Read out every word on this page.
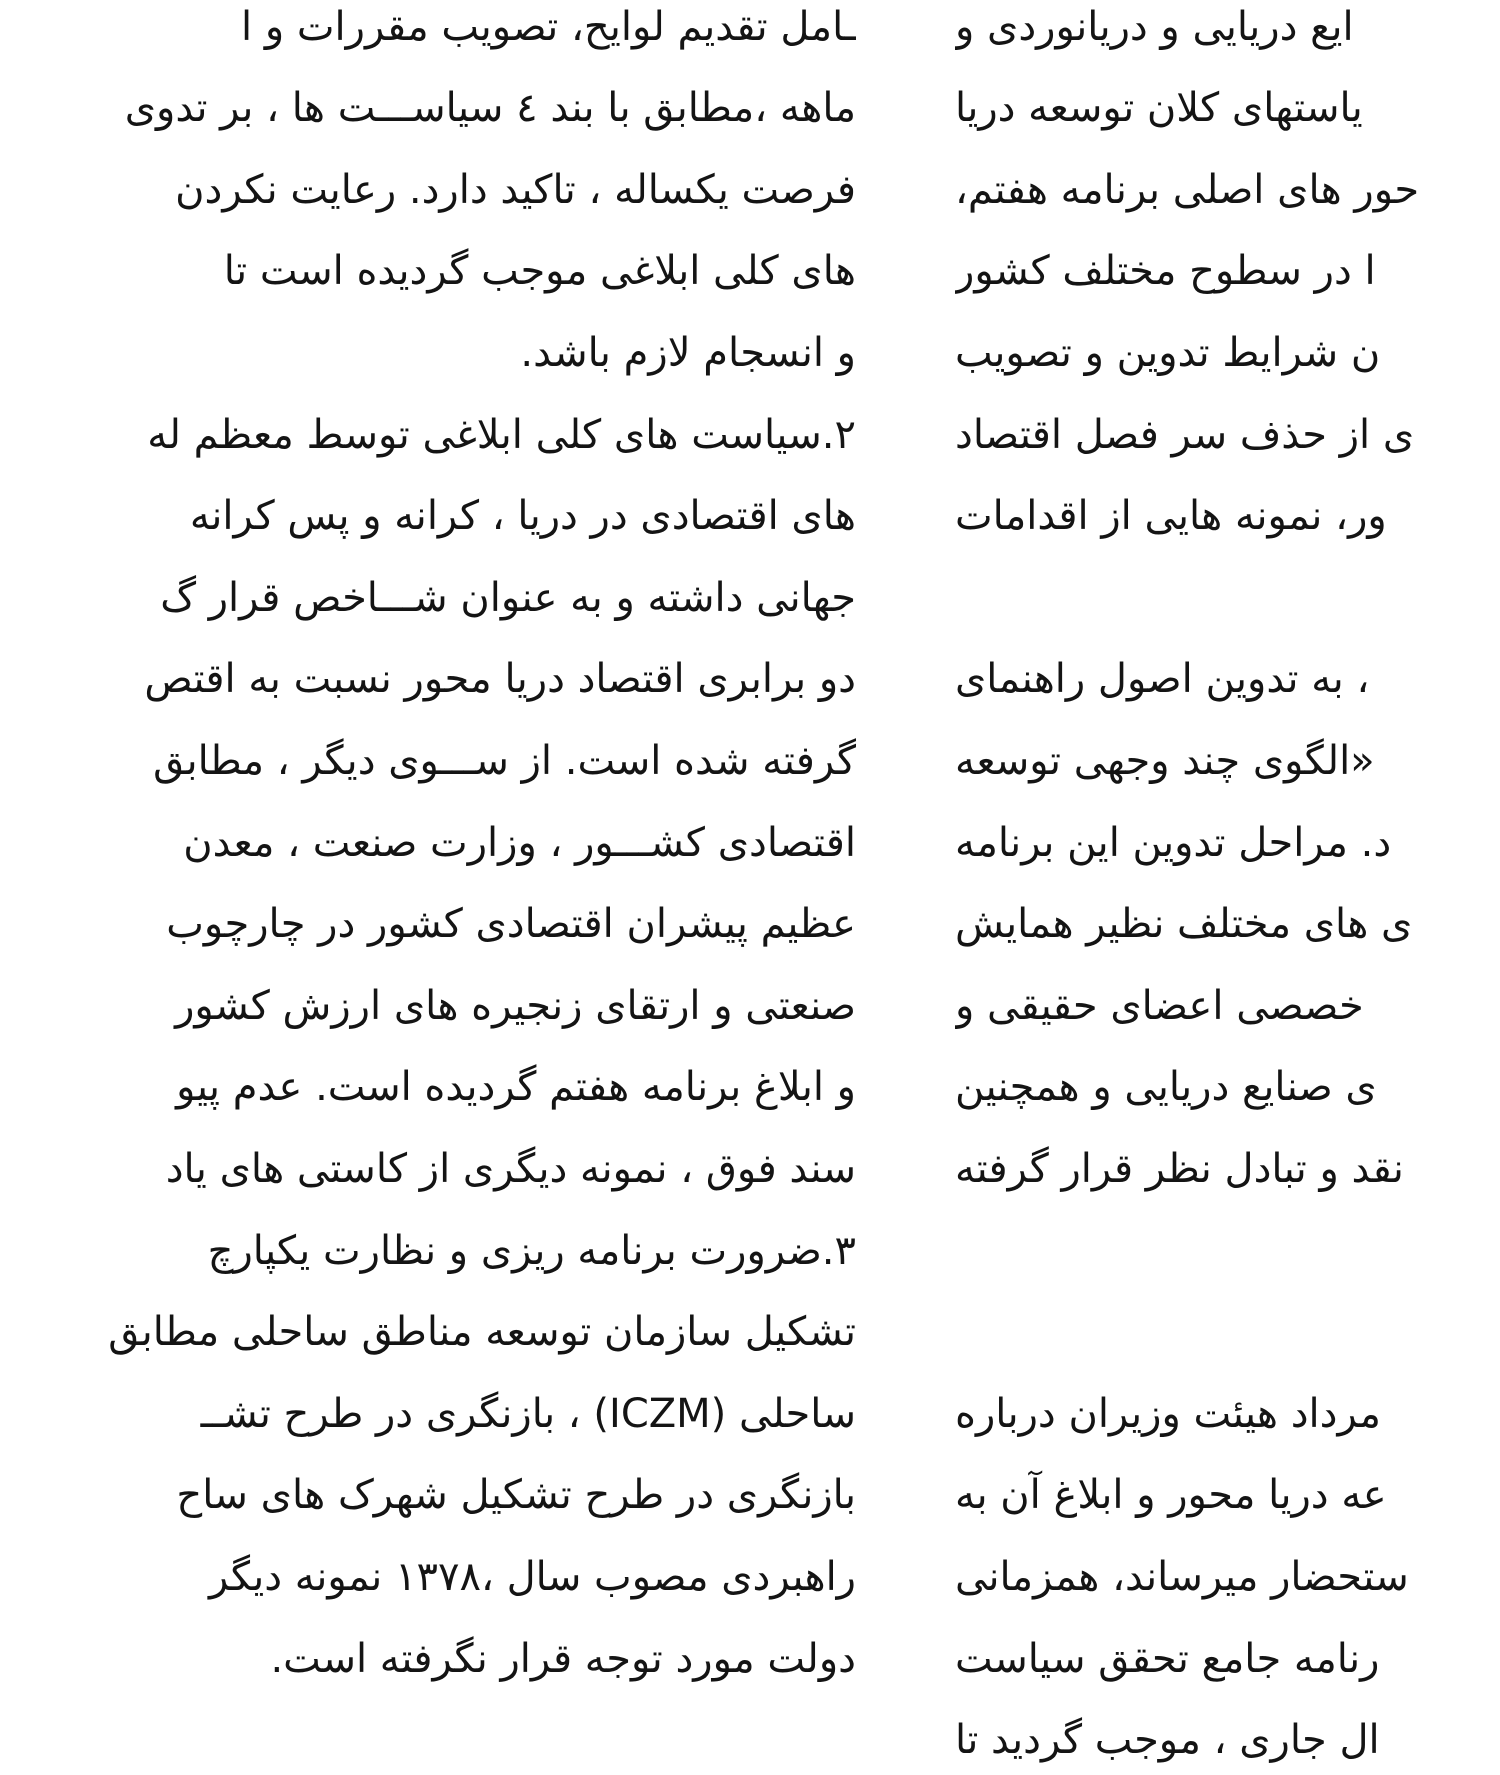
ـامل تقدیم لوایح، تصویب مقررات و ا
ماهه ،مطابق با بند ٤ سیاســـت ها ، بر تدوی
فرصت یکساله ، تاکید دارد. رعایت نکردن
های کلی ابلاغی موجب گردیده است تا
و انسجام لازم باشد.
۲.سیاست های کلی ابلاغی توسط معظم له
های اقتصادی در دریا ، کرانه و پس کرانه
جهانی داشته و به عنوان شـــاخص قرار گ
دو برابری اقتصاد دریا محور نسبت به اقتص
گرفته شده است. از ســـوی دیگر ، مطابق
اقتصادی کشـــور ، وزارت صنعت ، معدن
عظیم پیشران اقتصادی کشور در چارچوب
صنعتی و ارتقای زنجیره های ارزش کشور
و ابلاغ برنامه هفتم گردیده است. عدم پیو
سند فوق ، نمونه دیگری از کاستی های یاد
۳.ضرورت برنامه ریزی و نظارت یکپارچ
تشکیل سازمان توسعه مناطق ساحلی مطابق
ساحلی (ICZM) ، بازنگری در طرح تشــ
بازنگری در طرح تشکیل شهرک های ساح
راهبردی مصوب سال ،۱۳۷۸ نمونه دیگر
دولت مورد توجه قرار نگرفته است.
ایع دریایی و دریانوردی و
یاستهای کلان توسعه دریا
حور های اصلی برنامه هفتم،
ا در سطوح مختلف کشور
ن شرایط تدوین و تصویب
ی از حذف سر فصل اقتصاد
ور، نمونه هایی از اقدامات
، به تدوین اصول راهنمای
«الگوی چند وجهی توسعه
د. مراحل تدوین این برنامه
ی های مختلف نظیر همایش
خصصی اعضای حقیقی و
ی صنایع دریایی و همچنین
نقد و تبادل نظر قرار گرفته
مرداد هیئت وزیران درباره
عه دریا محور و ابلاغ آن به
ستحضار میرساند، همزمانی
رنامه جامع تحقق سیاست
ال جاری ، موجب گردید تا
